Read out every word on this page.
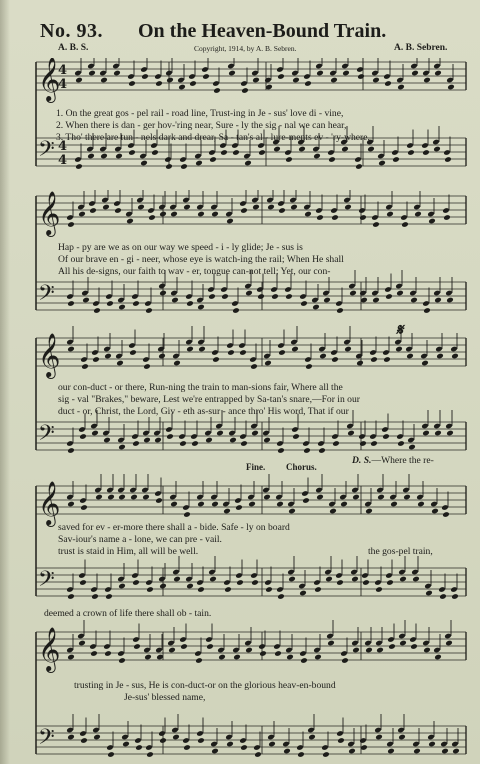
No. 93. On the Heaven-Bound Train.
A. B. S.	Copyright, 1914, by A. B. Sebren.	A. B. Sebren.
𝄞
4
4
𝄢 4
4
1. On the great gos - pel rail - road line, Trust-ing in Je - sus' love di - vine,
2. When there is dan - ger hov-'ring near, Sure - ly the sig - nal we can hear,
3. Tho' there are tun - nels dark and drear, Sa - tan's al - lure-ments ev - 'ry-where,
𝄞
𝄢
Hap - py are we as on our way we speed - i - ly glide; Je - sus is
Of our brave en - gi - neer, whose eye is watch-ing the rail; When He shall
All his de-signs, our faith to wav - er, tongue can-not tell; Yet, our con-
𝄞
𝄢
𝄋
our con-duct - or there, Run-ning the train to man-sions fair, Where all the
sig - val "Brakes," beware, Lest we're entrapped by Sa-tan's snare,—For in our
duct - or, Christ, the Lord, Giv - eth as-sur - ance thro' His word, That if our
D. S.—Where the re-
Fine. Chorus.
𝄞
𝄢
saved for ev - er-more there shall a - bide. Safe - ly on board
Sav-iour's name a - lone, we can pre - vail.
trust is staid in Him, all will be well.	the gos-pel train,
deemed a crown of life there shall ob - tain.
𝄞
𝄢
trusting in Je - sus, He is con-duct-or on the glorious heav-en-bound
Je-sus' blessed name,
